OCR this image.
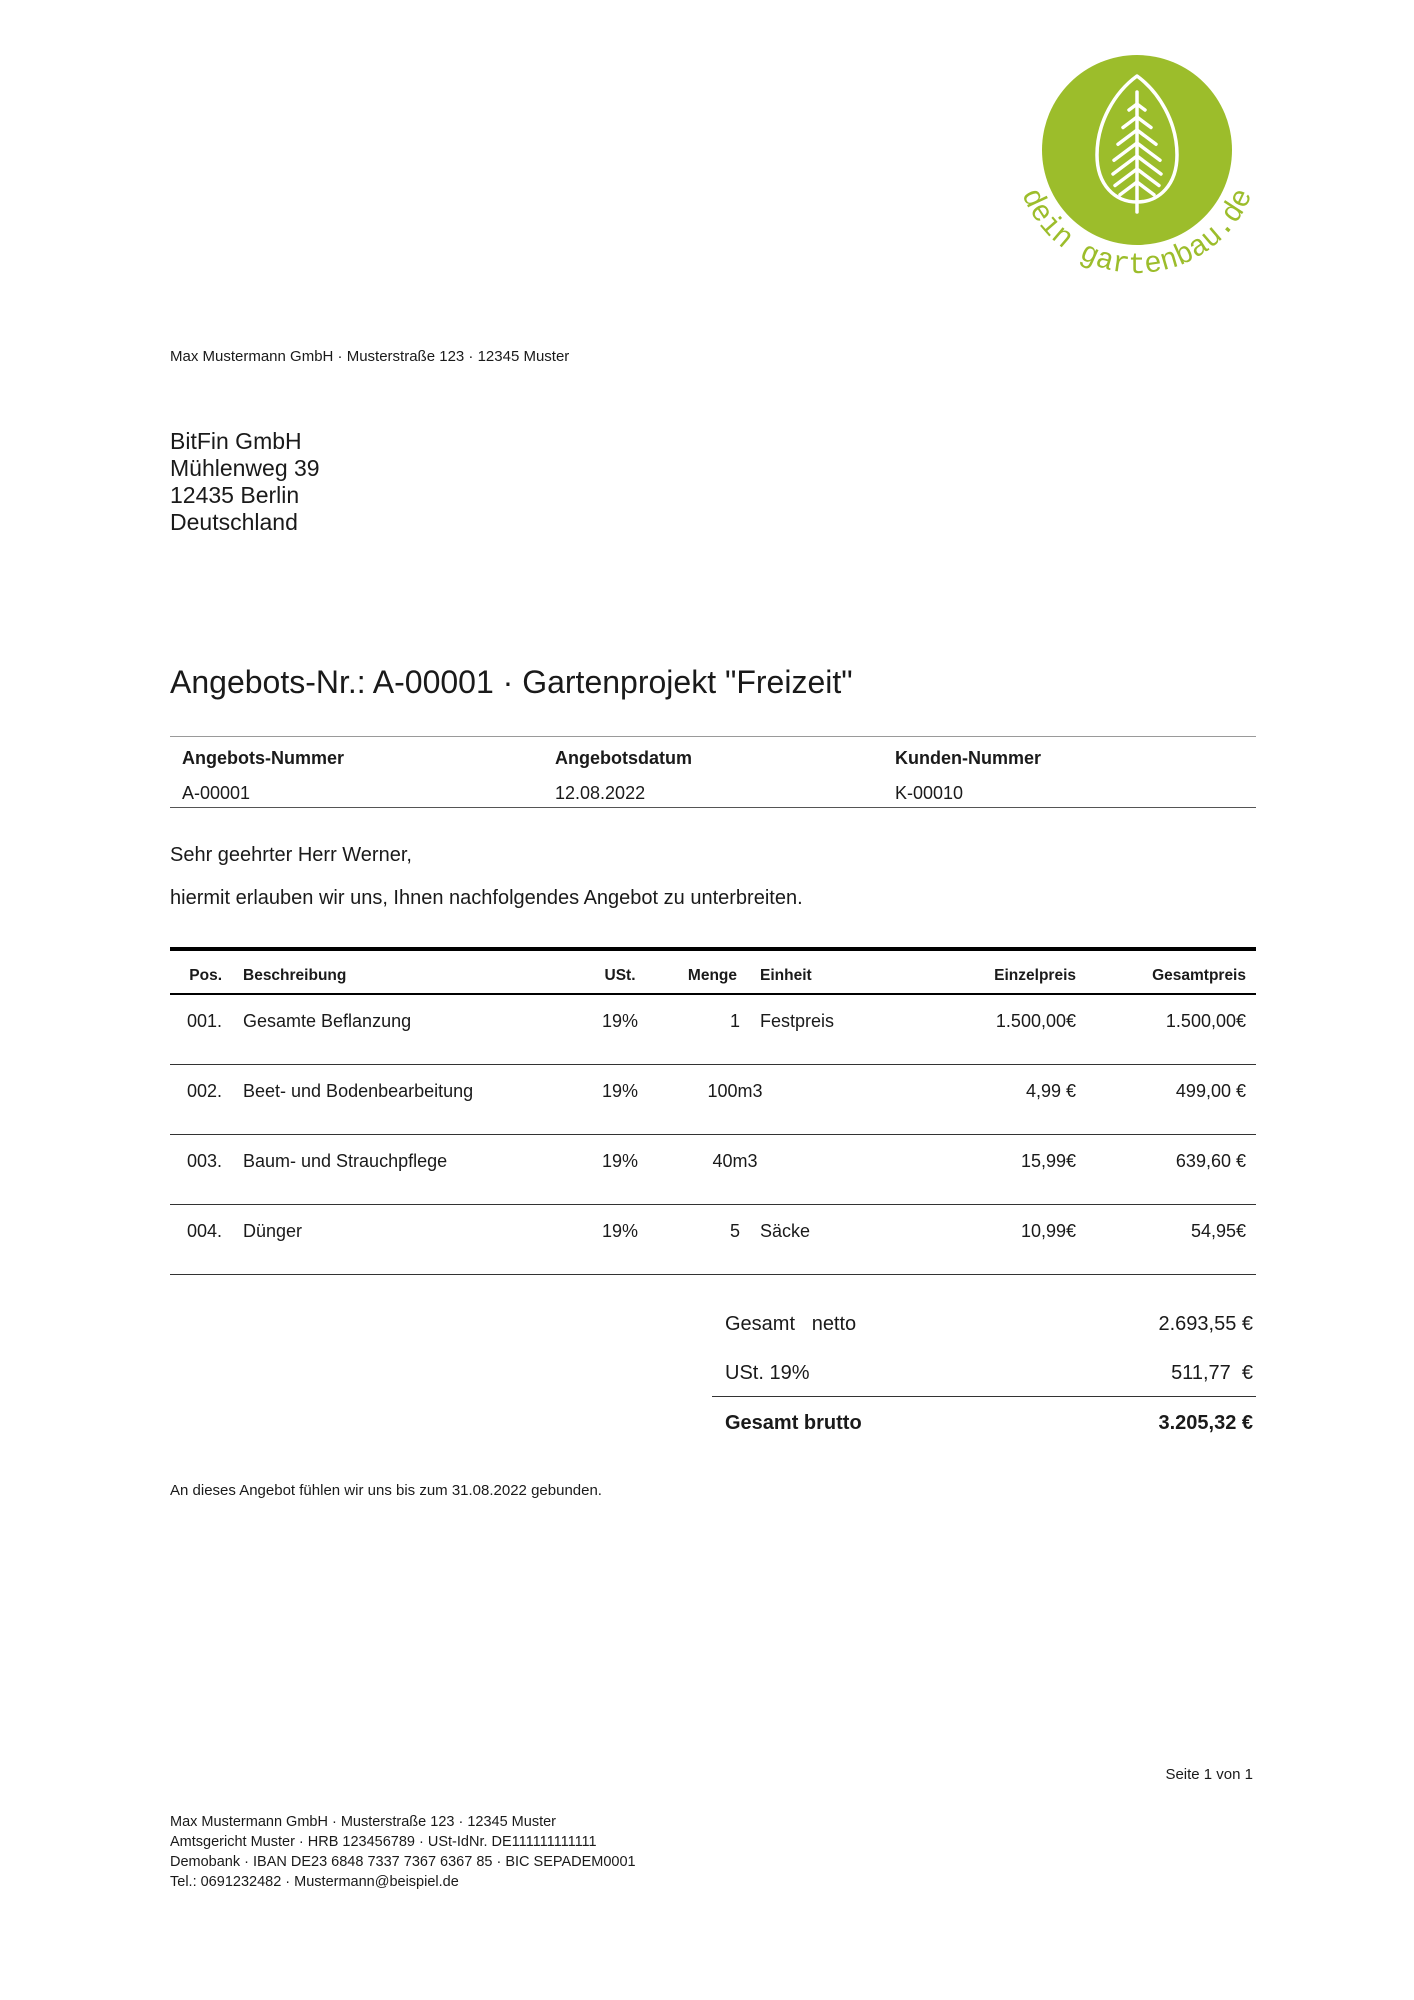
dein gartenbau.de
Max Mustermann GmbH · Musterstraße 123 · 12345 Muster
BitFin GmbH
Mühlenweg 39
12435 Berlin
Deutschland
Angebots-Nr.: A-00001 · Gartenprojekt "Freizeit"
Angebots-Nummer	Angebotsdatum	Kunden-Nummer
A-00001	12.08.2022	K-00010
Sehr geehrter Herr Werner,
hiermit erlauben wir uns, Ihnen nachfolgendes Angebot zu unterbreiten.
Pos. Beschreibung	USt.	Menge Einheit	Einzelpreis	Gesamtpreis
001. Gesamte Beflanzung	19%	1	Festpreis	1.500,00€	1.500,00€
002. Beet- und Bodenbearbeitung	19%	100m3	4,99 €	499,00 €
003. Baum- und Strauchpflege	19%	40m3	15,99€	639,60 €
004. Dünger	19%	5	Säcke	10,99€	54,95€
Gesamt   netto	2.693,55 €
USt. 19%	511,77  €
Gesamt brutto	3.205,32 €
An dieses Angebot fühlen wir uns bis zum 31.08.2022 gebunden.
Seite 1 von 1
Max Mustermann GmbH · Musterstraße 123 · 12345 Muster
Amtsgericht Muster · HRB 123456789 · USt-IdNr. DE111111111111
Demobank · IBAN DE23 6848 7337 7367 6367 85 · BIC SEPADEM0001
Tel.: 0691232482 · Mustermann@beispiel.de
